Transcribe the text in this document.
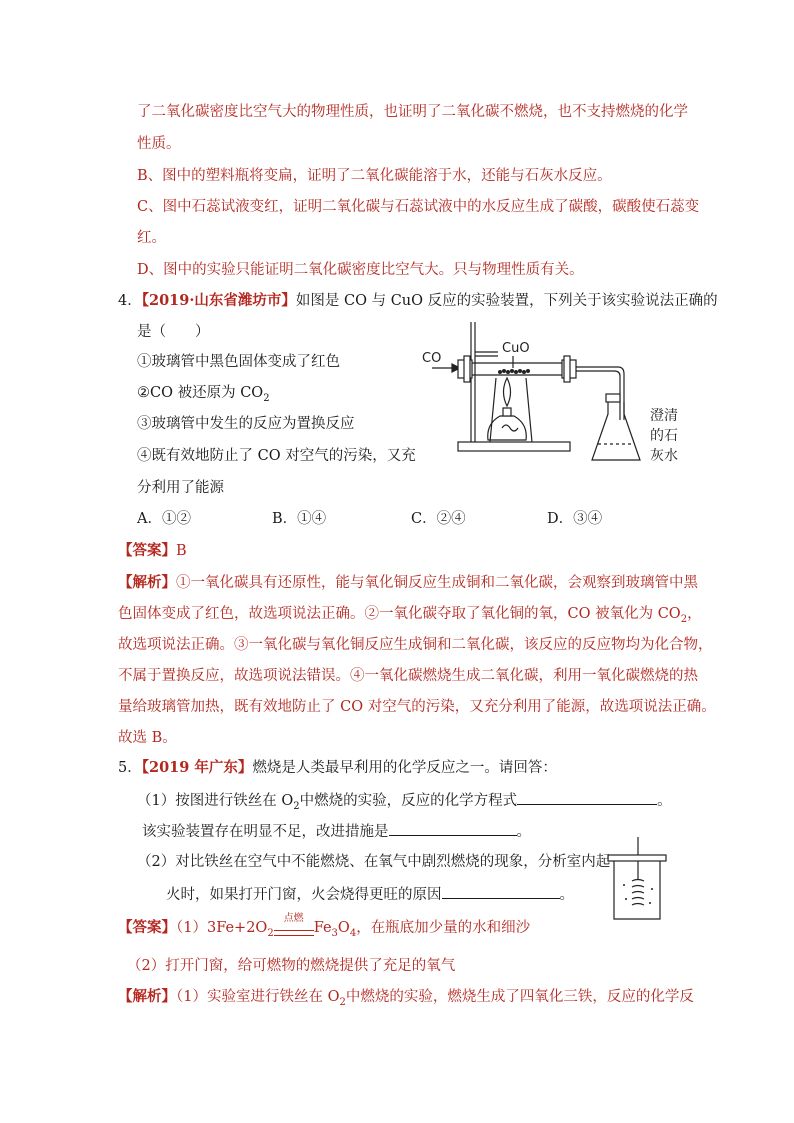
了二氧化碳密度比空气大的物理性质，也证明了二氧化碳不燃烧，也不支持燃烧的化学
性质。
B、图中的塑料瓶将变扁，证明了二氧化碳能溶于水，还能与石灰水反应。
C、图中石蕊试液变红，证明二氧化碳与石蕊试液中的水反应生成了碳酸，碳酸使石蕊变
红。
D、图中的实验只能证明二氧化碳密度比空气大。只与物理性质有关。
4．【2019·山东省潍坊市】如图是 CO 与 CuO 反应的实验装置，下列关于该实验说法正确的
是（　　）
①玻璃管中黑色固体变成了红色
②CO 被还原为 $CO_2$
③玻璃管中发生的反应为置换反应
④既有效地防止了 CO 对空气的污染，又充
分利用了能源
CO
CuO
澄清
的石
灰水
A．①②	B．①④	C．②④	D．③④
【答案】B
【解析】①一氧化碳具有还原性，能与氧化铜反应生成铜和二氧化碳，会观察到玻璃管中黑
色固体变成了红色，故选项说法正确。②一氧化碳夺取了氧化铜的氧，CO 被氧化为 $CO_2$，
故选项说法正确。③一氧化碳与氧化铜反应生成铜和二氧化碳，该反应的反应物均为化合物，
不属于置换反应，故选项说法错误。④一氧化碳燃烧生成二氧化碳，利用一氧化碳燃烧的热
量给玻璃管加热，既有效地防止了 CO 对空气的污染，又充分利用了能源，故选项说法正确。
故选 B。
5．【2019 年广东】燃烧是人类最早利用的化学反应之一。请回答：
（1）按图进行铁丝在 $O_2$中燃烧的实验，反应的化学方程式	。
该实验装置存在明显不足，改进措施是	。
（2）对比铁丝在空气中不能燃烧、在氧气中剧烈燃烧的现象，分析室内起
火时，如果打开门窗，火会烧得更旺的原因	。
【答案】$(1)3Fe+2O_2$
点燃
$Fe_3O_4$，在瓶底加少量的水和细沙
（2）打开门窗，给可燃物的燃烧提供了充足的氧气
【解析】（1）实验室进行铁丝在 $O_2$中燃烧的实验，燃烧生成了四氧化三铁，反应的化学反
